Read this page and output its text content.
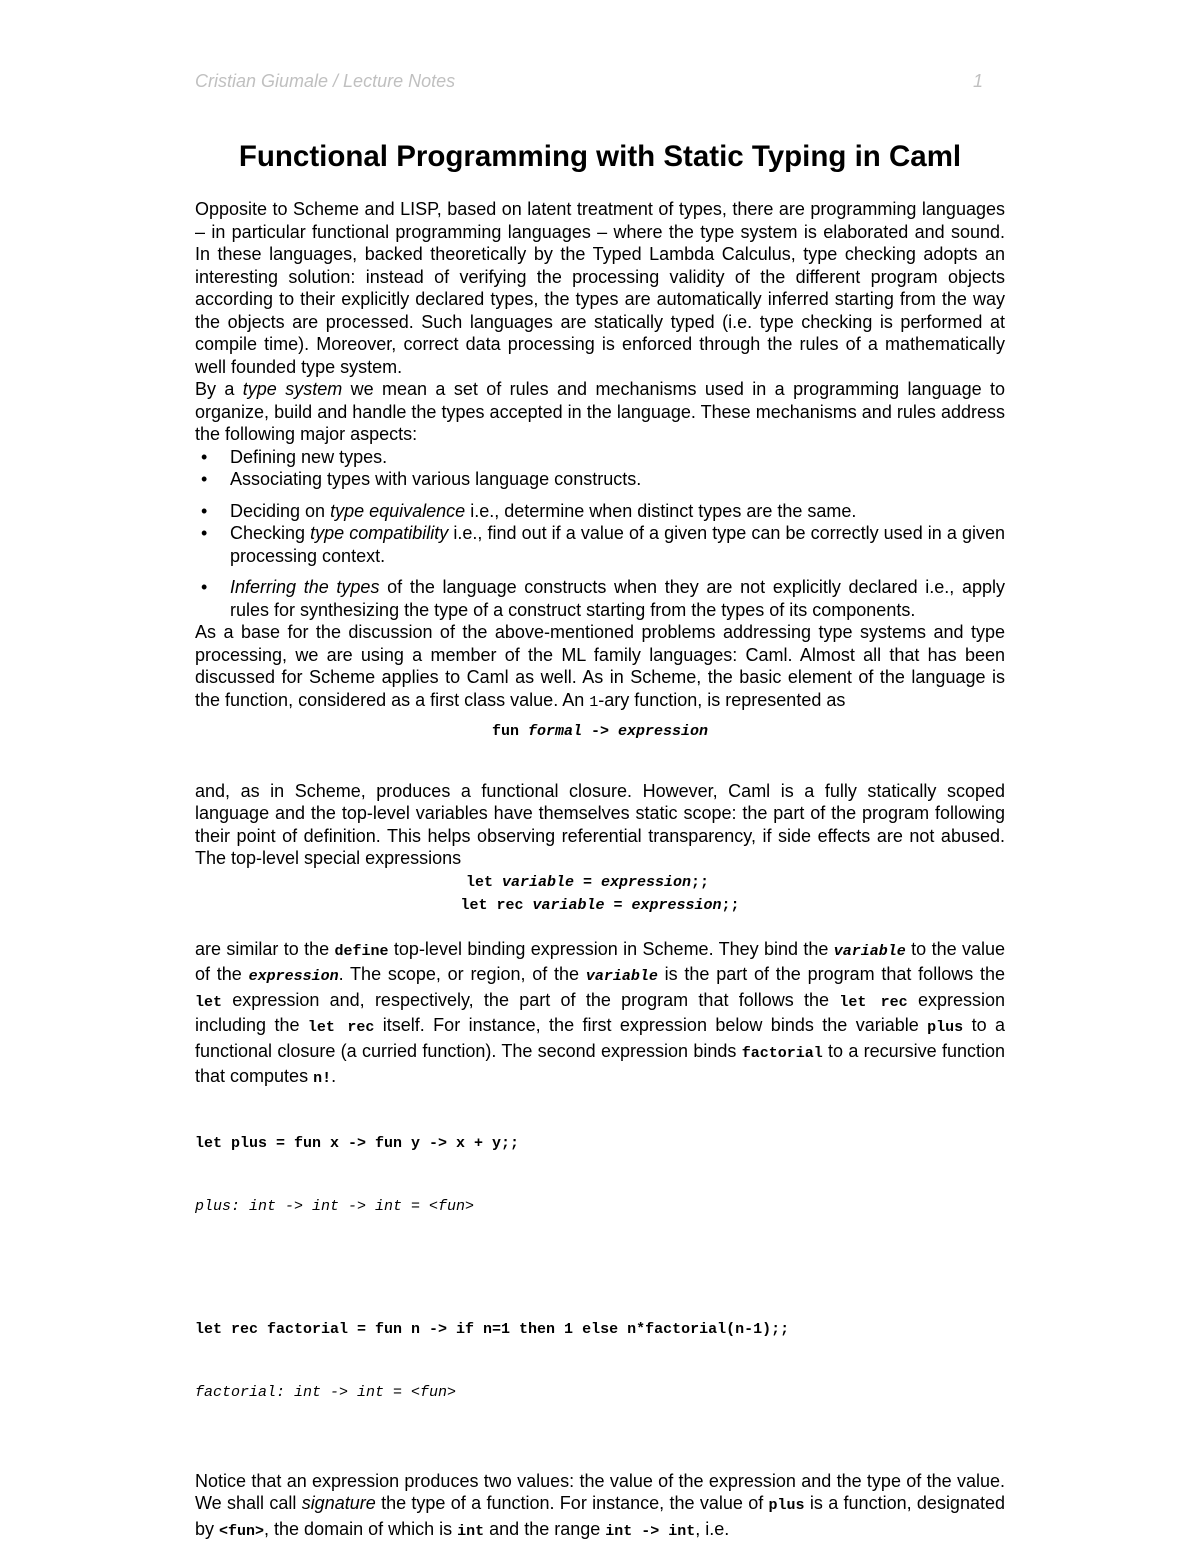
Cristian Giumale / Lecture Notes	1
Functional Programming with Static Typing in Caml

Opposite to Scheme and LISP, based on latent treatment of types, there are programming languages – in particular functional programming languages – where the type system is elaborated and sound. In these languages, backed theoretically by the Typed Lambda Calculus, type checking adopts an interesting solution: instead of verifying the processing validity of the different program objects according to their explicitly declared types, the types are automatically inferred starting from the way the objects are processed. Such languages are statically typed (i.e. type checking is performed at compile time). Moreover, correct data processing is enforced through the rules of a mathematically well founded type system.

By a type system we mean a set of rules and mechanisms used in a programming language to organize, build and handle the types accepted in the language. These mechanisms and rules address the following major aspects:

• Defining new types.
• Associating types with various language constructs.
• Deciding on type equivalence i.e., determine when distinct types are the same.
• Checking type compatibility i.e., find out if a value of a given type can be correctly used in a given processing context.
• Inferring the types of the language constructs when they are not explicitly declared i.e., apply rules for synthesizing the type of a construct starting from the types of its components.

As a base for the discussion of the above-mentioned problems addressing type systems and type processing, we are using a member of the ML family languages: Caml. Almost all that has been discussed for Scheme applies to Caml as well. As in Scheme, the basic element of the language is the function, considered as a first class value. An 1-ary function, is represented as

fun formal -> expression

and, as in Scheme, produces a functional closure. However, Caml is a fully statically scoped language and the top-level variables have themselves static scope: the part of the program following their point of definition. This helps observing referential transparency, if side effects are not abused. The top-level special expressions

let variable = expression;;
let rec variable = expression;;

are similar to the define top-level binding expression in Scheme. They bind the variable to the value of the expression. The scope, or region, of the variable is the part of the program that follows the let expression and, respectively, the part of the program that follows the let rec expression including the let rec itself. For instance, the first expression below binds the variable plus to a functional closure (a curried function). The second expression binds factorial to a recursive function that computes n!.

let plus = fun x -> fun y -> x + y;;

plus: int -> int -> int = <fun>

let rec factorial = fun n -> if n=1 then 1 else n*factorial(n-1);;

factorial: int -> int = <fun>

Notice that an expression produces two values: the value of the expression and the type of the value. We shall call signature the type of a function. For instance, the value of plus is a function, designated by <fun>, the domain of which is int and the range int -> int, i.e.
